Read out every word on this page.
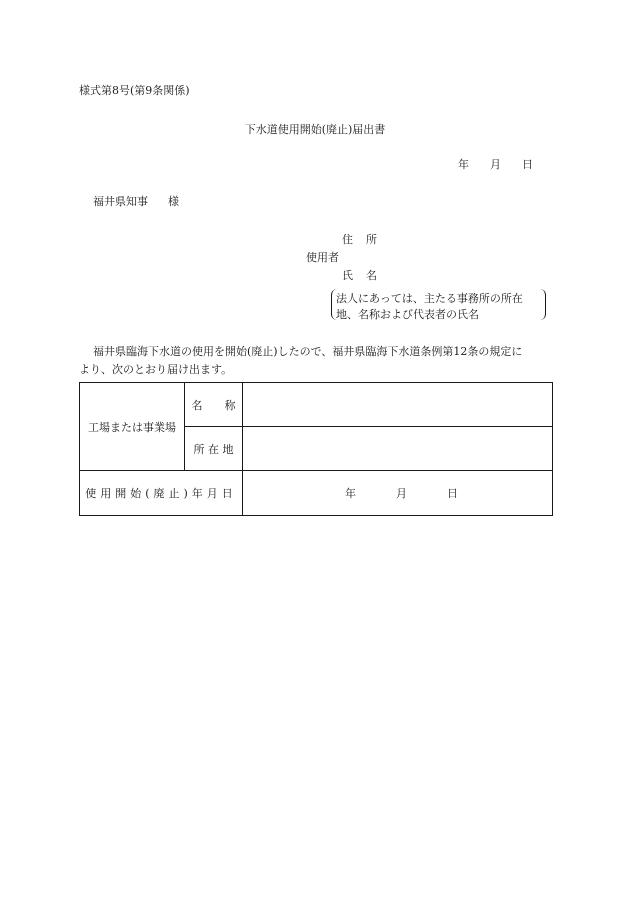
様式第8号(第9条関係)
下水道使用開始(廃止)届出書
年 月 日
福井県知事 様
住 所
使用者
氏 名
法人にあっては、主たる事務所の所在
地、名称および代表者の氏名
福井県臨海下水道の使用を開始(廃止)したので、福井県臨海下水道条例第12条の規定に
より、次のとおり届け出ます。
工場または事業場	名　　称	
	所 在 地	
使用開始(廃止)年月日		年 月 日
